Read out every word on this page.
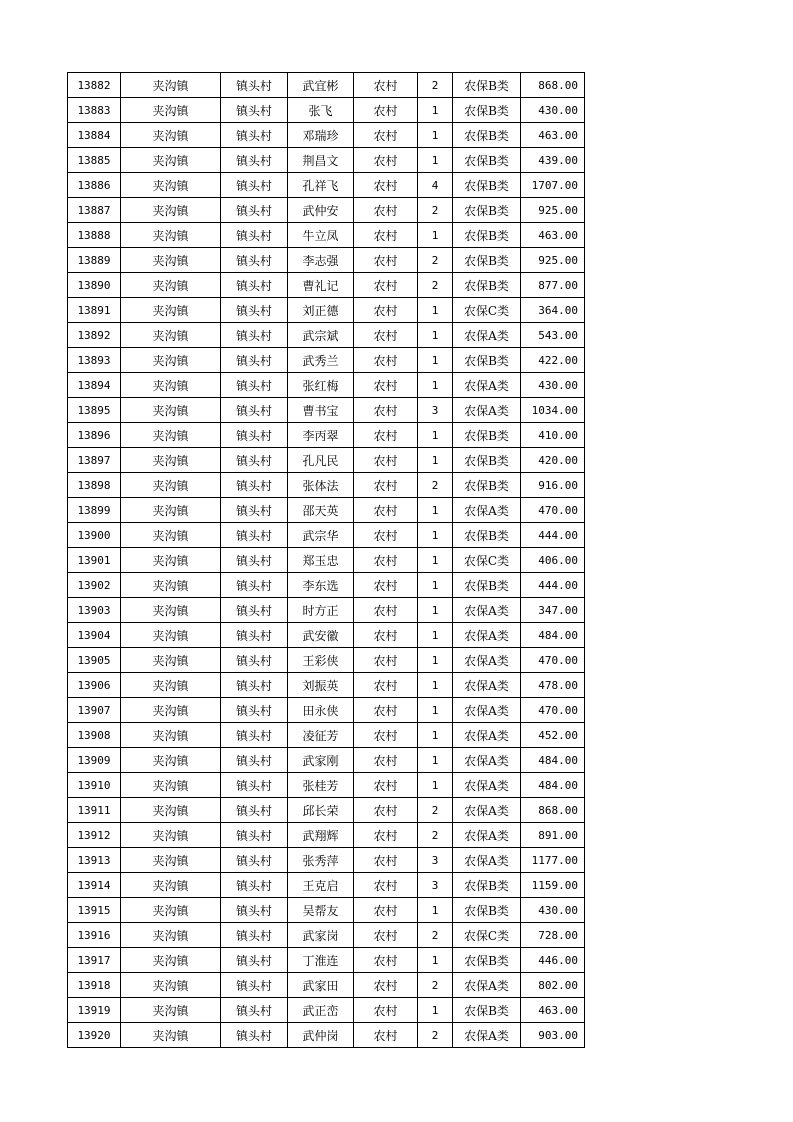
13882	夹沟镇	镇头村	武宜彬	农村	2	农保B类	868.00
13883	夹沟镇	镇头村	张飞	农村	1	农保B类	430.00
13884	夹沟镇	镇头村	邓瑞珍	农村	1	农保B类	463.00
13885	夹沟镇	镇头村	荆昌文	农村	1	农保B类	439.00
13886	夹沟镇	镇头村	孔祥飞	农村	4	农保B类	1707.00
13887	夹沟镇	镇头村	武仲安	农村	2	农保B类	925.00
13888	夹沟镇	镇头村	牛立凤	农村	1	农保B类	463.00
13889	夹沟镇	镇头村	李志强	农村	2	农保B类	925.00
13890	夹沟镇	镇头村	曹礼记	农村	2	农保B类	877.00
13891	夹沟镇	镇头村	刘正德	农村	1	农保C类	364.00
13892	夹沟镇	镇头村	武宗斌	农村	1	农保A类	543.00
13893	夹沟镇	镇头村	武秀兰	农村	1	农保B类	422.00
13894	夹沟镇	镇头村	张红梅	农村	1	农保A类	430.00
13895	夹沟镇	镇头村	曹书宝	农村	3	农保A类	1034.00
13896	夹沟镇	镇头村	李丙翠	农村	1	农保B类	410.00
13897	夹沟镇	镇头村	孔凡民	农村	1	农保B类	420.00
13898	夹沟镇	镇头村	张体法	农村	2	农保B类	916.00
13899	夹沟镇	镇头村	邵天英	农村	1	农保A类	470.00
13900	夹沟镇	镇头村	武宗华	农村	1	农保B类	444.00
13901	夹沟镇	镇头村	郑玉忠	农村	1	农保C类	406.00
13902	夹沟镇	镇头村	李东选	农村	1	农保B类	444.00
13903	夹沟镇	镇头村	时方正	农村	1	农保A类	347.00
13904	夹沟镇	镇头村	武安徽	农村	1	农保A类	484.00
13905	夹沟镇	镇头村	王彩侠	农村	1	农保A类	470.00
13906	夹沟镇	镇头村	刘振英	农村	1	农保A类	478.00
13907	夹沟镇	镇头村	田永侠	农村	1	农保A类	470.00
13908	夹沟镇	镇头村	凌征芳	农村	1	农保A类	452.00
13909	夹沟镇	镇头村	武家刚	农村	1	农保A类	484.00
13910	夹沟镇	镇头村	张桂芳	农村	1	农保A类	484.00
13911	夹沟镇	镇头村	邱长荣	农村	2	农保A类	868.00
13912	夹沟镇	镇头村	武翔辉	农村	2	农保A类	891.00
13913	夹沟镇	镇头村	张秀萍	农村	3	农保A类	1177.00
13914	夹沟镇	镇头村	王克启	农村	3	农保B类	1159.00
13915	夹沟镇	镇头村	吴帮友	农村	1	农保B类	430.00
13916	夹沟镇	镇头村	武家岗	农村	2	农保C类	728.00
13917	夹沟镇	镇头村	丁淮连	农村	1	农保B类	446.00
13918	夹沟镇	镇头村	武家田	农村	2	农保A类	802.00
13919	夹沟镇	镇头村	武正峦	农村	1	农保B类	463.00
13920	夹沟镇	镇头村	武仲岗	农村	2	农保A类	903.00
